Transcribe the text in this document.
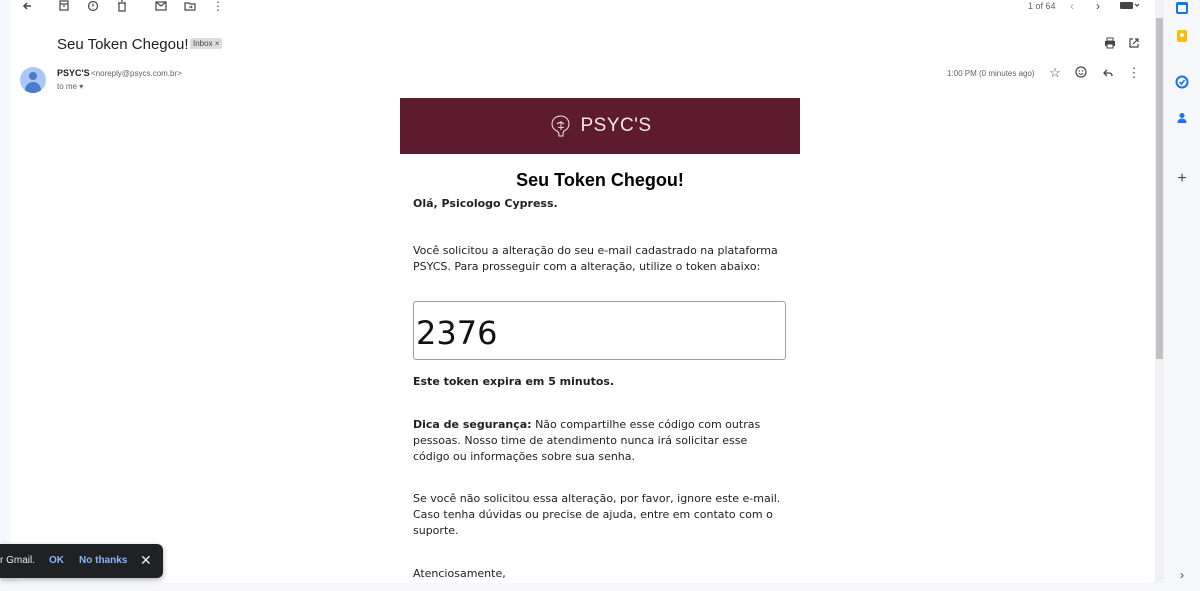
⋮	1 of 64	‹	›
Seu Token Chegou! Inbox ×
PSYC'S <noreply@psycs.com.br>
to me ▾
1:00 PM (0 minutes ago) ☆	⋮
PSYC'S
Seu Token Chegou!
Olá, Psicologo Cypress.
Você solicitou a alteração do seu e-mail cadastrado na plataforma PSYCS. Para prosseguir com a alteração, utilize o token abaixo:
2376
Este token expira em 5 minutos.
Dica de segurança: Não compartilhe esse código com outras pessoas. Nosso time de atendimento nunca irá solicitar esse código ou informações sobre sua senha.
Se você não solicitou essa alteração, por favor, ignore este e-mail. Caso tenha dúvidas ou precise de ajuda, entre em contato com o suporte.
Atenciosamente,
+
›
r Gmail. OK No thanks ✕
